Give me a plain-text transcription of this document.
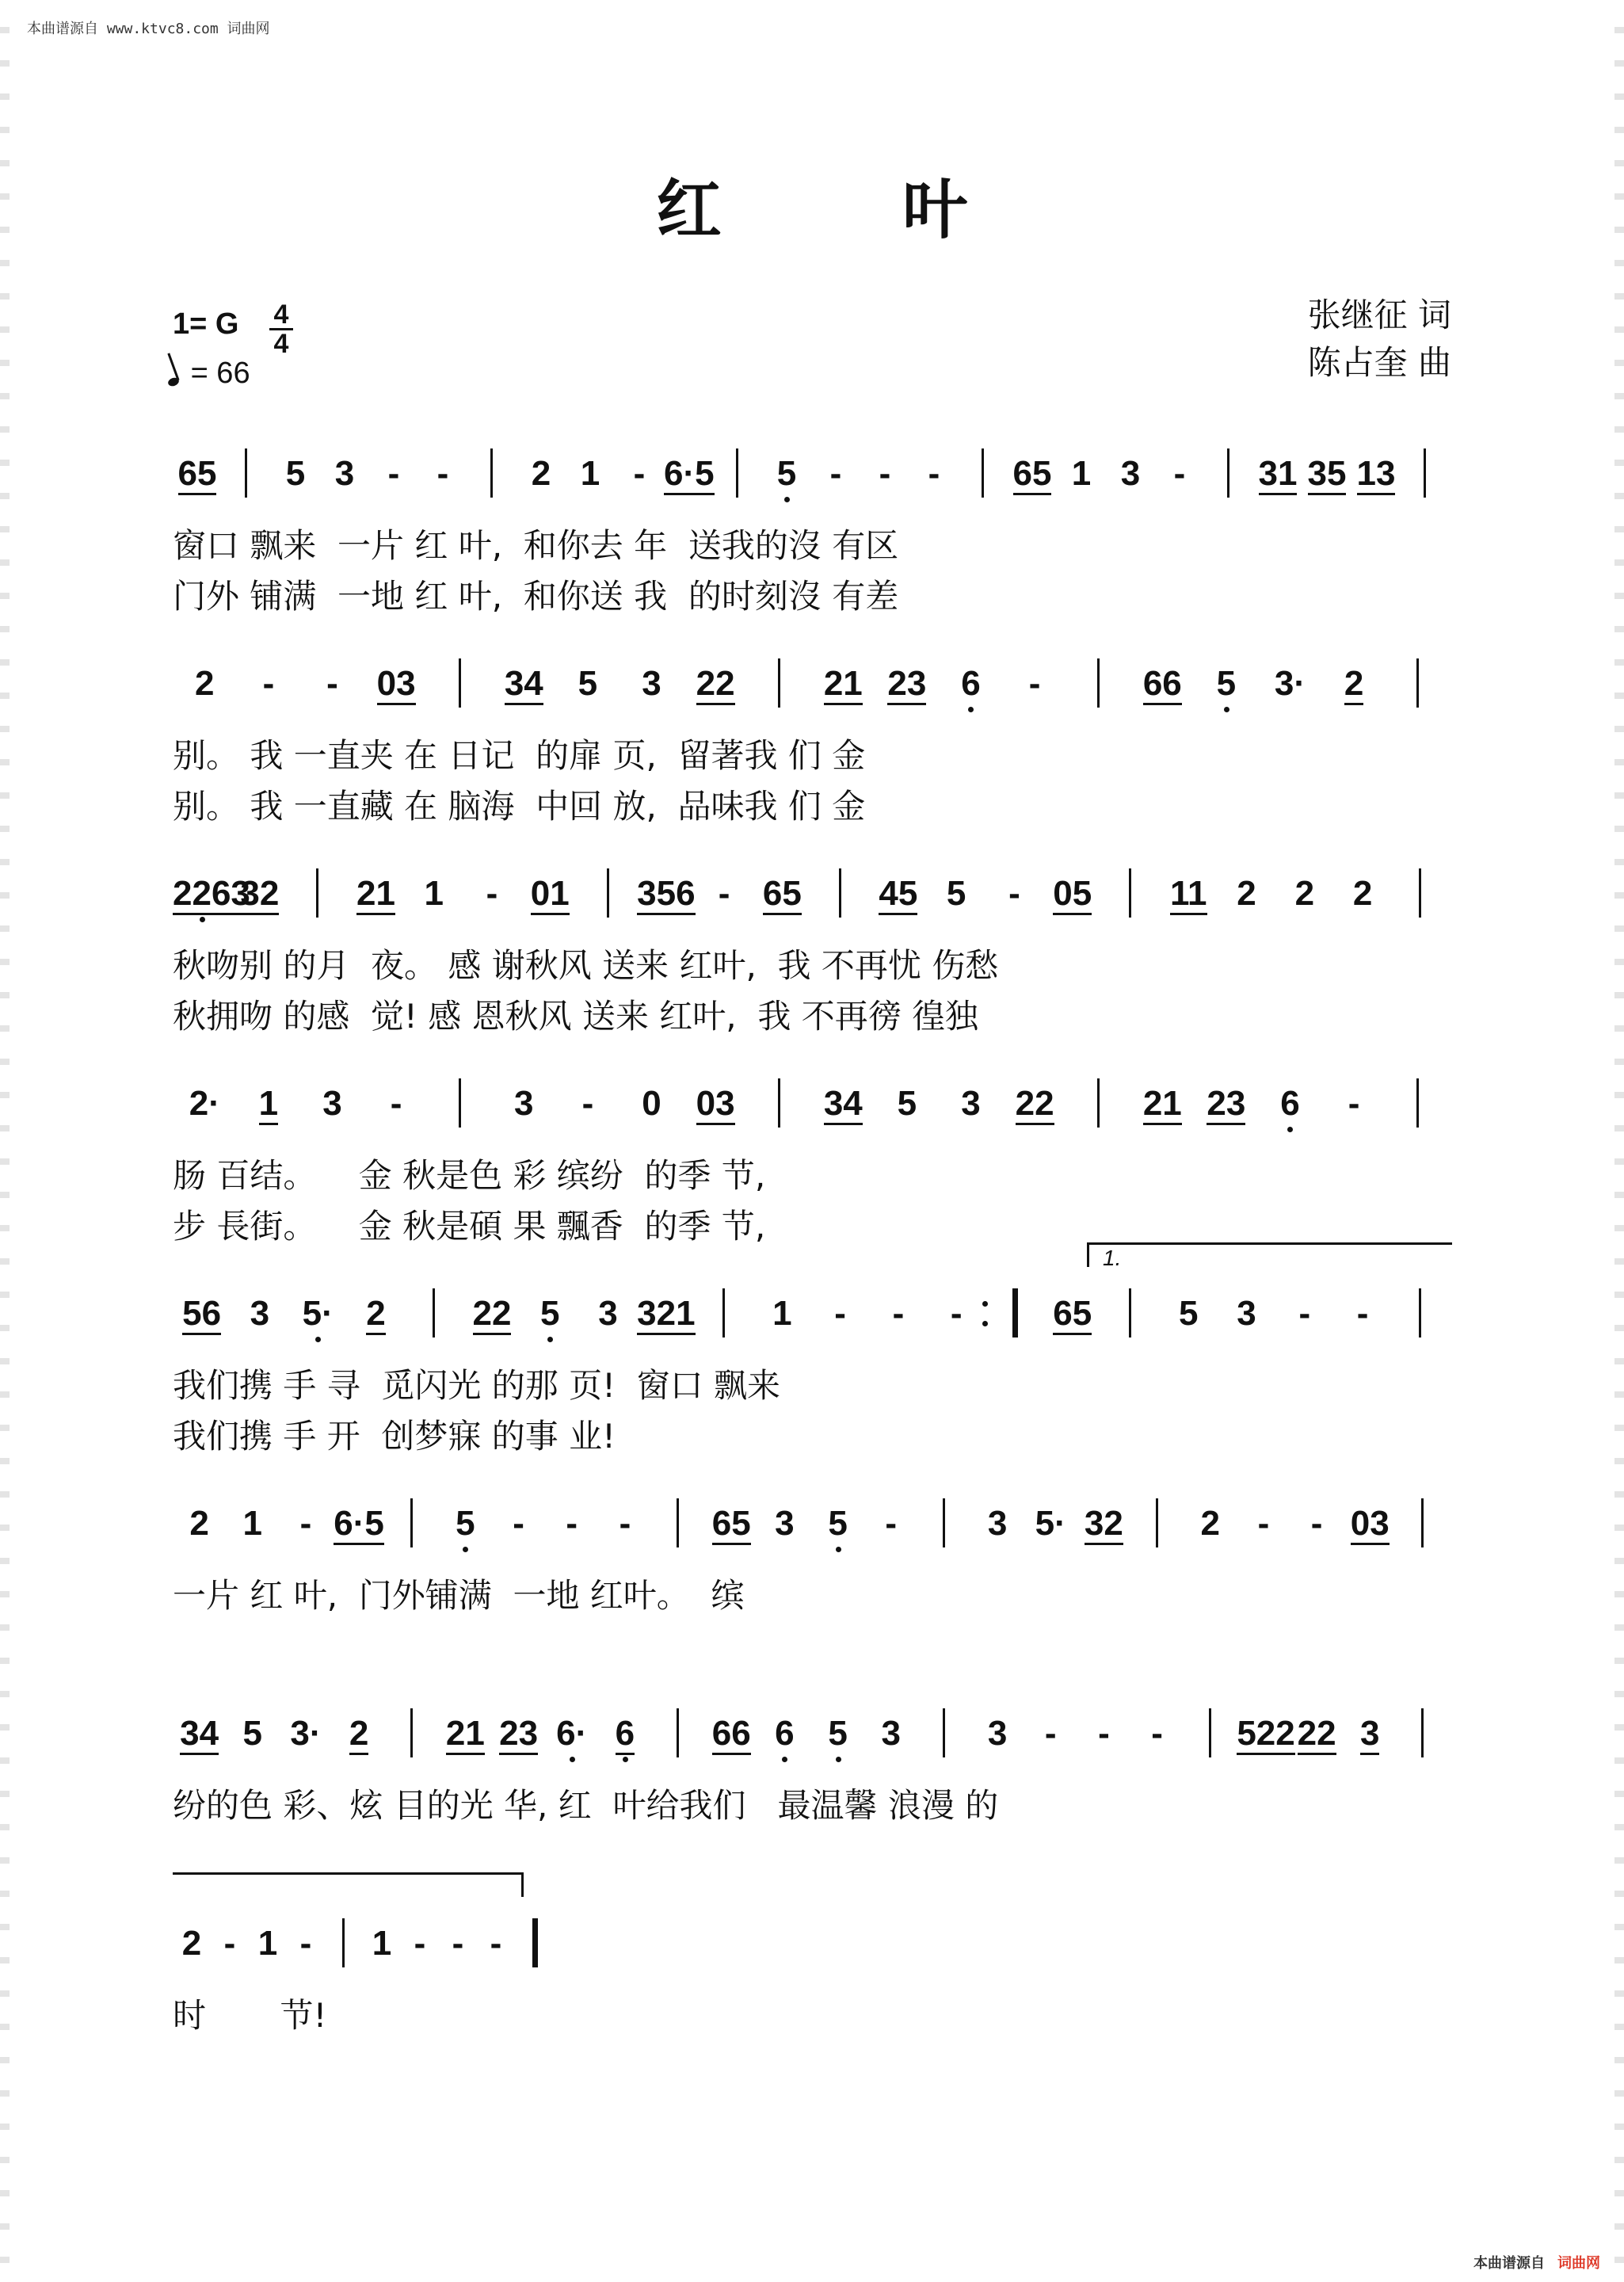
本曲谱源自 www.ktvc8.com 词曲网
红 叶
张继征 词
陈占奎 曲
1= G $\frac{4}{4}$
= 66
65	5 3 -	-	2 1 - 6·5	5 -	-	-	65 1 3 -	31 35 13
窗口 飘来  一片 红 叶,  和你去 年  送我的沒 有区
门外 铺满  一地 红 叶,  和你送 我  的时刻沒 有差
2	-	-	03	34 5	3 22	21 23 6	-	66 5	3·	2
别。 我 一直夹 在 日记  的扉 页,  留著我 们 金
别。 我 一直藏 在 脑海  中回 放,  品味我 们 金
2263
32 21 1	- 01 356 - 65 45 5	- 05	11 2	2	2
秋吻别 的月  夜。 感 谢秋风 送来 红叶,  我 不再忧 伤愁
秋拥吻 的感  觉! 感 恩秋风 送来 红叶,  我 不再徬 徨独
2·	1	3	-	3	-	0 03	34 5	3 22	21 23 6	-
肠 百结。    金 秋是色 彩 缤纷  的季 节,
步 長街。    金 秋是碩 果 飄香  的季 节,
56 3 5· 2	22 5	3 321	1	-	-	-	65	5	3	-	-
1.
我们携 手 寻  觅闪光 的那 页!  窗口 飘来
我们携 手 开  创梦寐 的事 业!
2 1	- 6·5	5	-	-	-	65 3 5	-	3 5· 32	2	-	- 03
一片 红 叶,  门外铺满  一地 红叶。  缤
34 5 3· 2	21 23 6· 6	66 6 5 3	3	-	-	-	522 22 3
纷的色 彩、炫 目的光 华, 红  叶给我们   最温馨 浪漫 的
2 - 1 -	1 - - -
时       节!
本曲谱源自 词曲网
